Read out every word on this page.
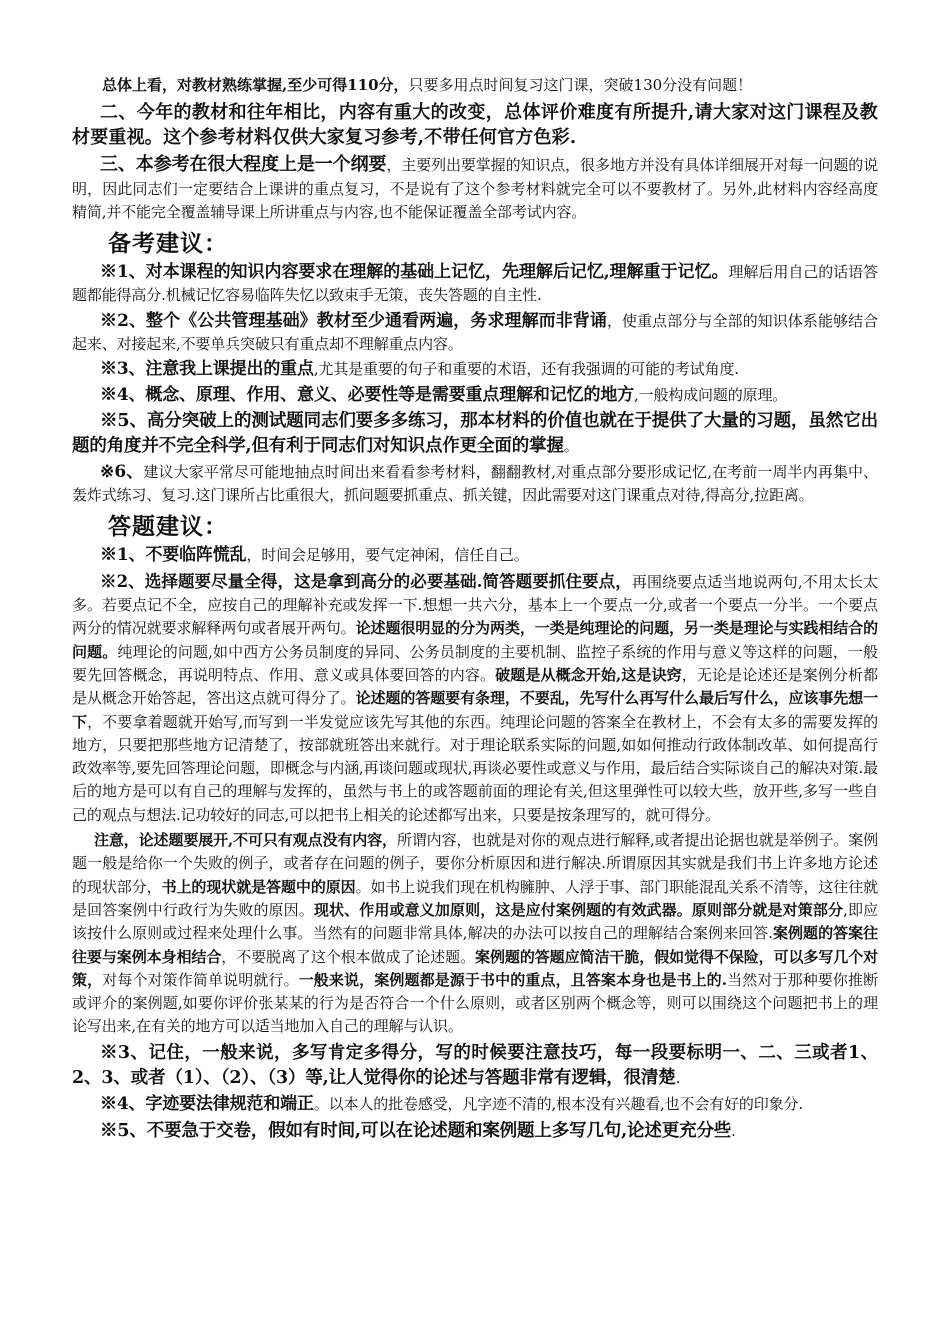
总体上看，对教材熟练掌握,至少可得110分，只要多用点时间复习这门课，突破130分没有问题！

二、今年的教材和往年相比，内容有重大的改变，总体评价难度有所提升,请大家对这门课程及教材要重视。这个参考材料仅供大家复习参考,不带任何官方色彩.

三、本参考在很大程度上是一个纲要，主要列出要掌握的知识点，很多地方并没有具体详细展开对每一问题的说明，因此同志们一定要结合上课讲的重点复习，不是说有了这个参考材料就完全可以不要教材了。另外,此材料内容经高度精简,并不能完全覆盖辅导课上所讲重点与内容,也不能保证覆盖全部考试内容。

备考建议：

※1、对本课程的知识内容要求在理解的基础上记忆，先理解后记忆,理解重于记忆。理解后用自己的话语答题都能得高分.机械记忆容易临阵失忆以致束手无策，丧失答题的自主性.

※2、整个《公共管理基础》教材至少通看两遍，务求理解而非背诵，使重点部分与全部的知识体系能够结合起来、对接起来,不要单兵突破只有重点却不理解重点内容。

※3、注意我上课提出的重点,尤其是重要的句子和重要的术语，还有我强调的可能的考试角度.

※4、概念、原理、作用、意义、必要性等是需要重点理解和记忆的地方,一般构成问题的原理。

※5、高分突破上的测试题同志们要多多练习，那本材料的价值也就在于提供了大量的习题，虽然它出题的角度并不完全科学,但有利于同志们对知识点作更全面的掌握。

※6、建议大家平常尽可能地抽点时间出来看看参考材料，翻翻教材,对重点部分要形成记忆,在考前一周半内再集中、轰炸式练习、复习.这门课所占比重很大，抓问题要抓重点、抓关键，因此需要对这门课重点对待,得高分,拉距离。

答题建议：

※1、不要临阵慌乱，时间会足够用，要气定神闲，信任自己。

※2、选择题要尽量全得，这是拿到高分的必要基础.简答题要抓住要点，再围绕要点适当地说两句,不用太长太多。若要点记不全，应按自己的理解补充或发挥一下.想想一共六分，基本上一个要点一分,或者一个要点一分半。一个要点两分的情况就要求解释两句或者展开两句。论述题很明显的分为两类，一类是纯理论的问题，另一类是理论与实践相结合的问题。纯理论的问题,如中西方公务员制度的异同、公务员制度的主要机制、监控子系统的作用与意义等这样的问题，一般要先回答概念，再说明特点、作用、意义或具体要回答的内容。破题是从概念开始,这是诀窍，无论是论述还是案例分析都是从概念开始答起，答出这点就可得分了。论述题的答题要有条理，不要乱，先写什么再写什么最后写什么，应该事先想一下，不要拿着题就开始写,而写到一半发觉应该先写其他的东西。纯理论问题的答案全在教材上，不会有太多的需要发挥的地方，只要把那些地方记清楚了，按部就班答出来就行。对于理论联系实际的问题,如如何推动行政体制改革、如何提高行政效率等,要先回答理论问题，即概念与内涵,再谈问题或现状,再谈必要性或意义与作用，最后结合实际谈自己的解决对策.最后的地方是可以有自己的理解与发挥的，虽然与书上的或答题前面的理论有关,但这里弹性可以较大些，放开些,多写一些自己的观点与想法.记功较好的同志,可以把书上相关的论述都写出来，只要是按条理写的，就可得分。

注意，论述题要展开,不可只有观点没有内容，所谓内容，也就是对你的观点进行解释,或者提出论据也就是举例子。案例题一般是给你一个失败的例子，或者存在问题的例子，要你分析原因和进行解决.所谓原因其实就是我们书上许多地方论述的现状部分，书上的现状就是答题中的原因。如书上说我们现在机构臃肿、人浮于事、部门职能混乱关系不清等，这往往就是回答案例中行政行为失败的原因。现状、作用或意义加原则，这是应付案例题的有效武器。原则部分就是对策部分,即应该按什么原则或过程来处理什么事。当然有的问题非常具体,解决的办法可以按自己的理解结合案例来回答.案例题的答案往往要与案例本身相结合，不要脱离了这个根本做成了论述题。案例题的答题应简洁干脆，假如觉得不保险，可以多写几个对策，对每个对策作简单说明就行。一般来说，案例题都是源于书中的重点，且答案本身也是书上的.当然对于那种要你推断或评介的案例题,如要你评价张某某的行为是否符合一个什么原则，或者区别两个概念等，则可以围绕这个问题把书上的理论写出来,在有关的地方可以适当地加入自己的理解与认识。

※3、记住，一般来说，多写肯定多得分，写的时候要注意技巧，每一段要标明一、二、三或者1、2、3、或者（1）、（2）、（3）等,让人觉得你的论述与答题非常有逻辑，很清楚.

※4、字迹要法律规范和端正。以本人的批卷感受，凡字迹不清的,根本没有兴趣看,也不会有好的印象分.

※5、不要急于交卷，假如有时间,可以在论述题和案例题上多写几句,论述更充分些.
